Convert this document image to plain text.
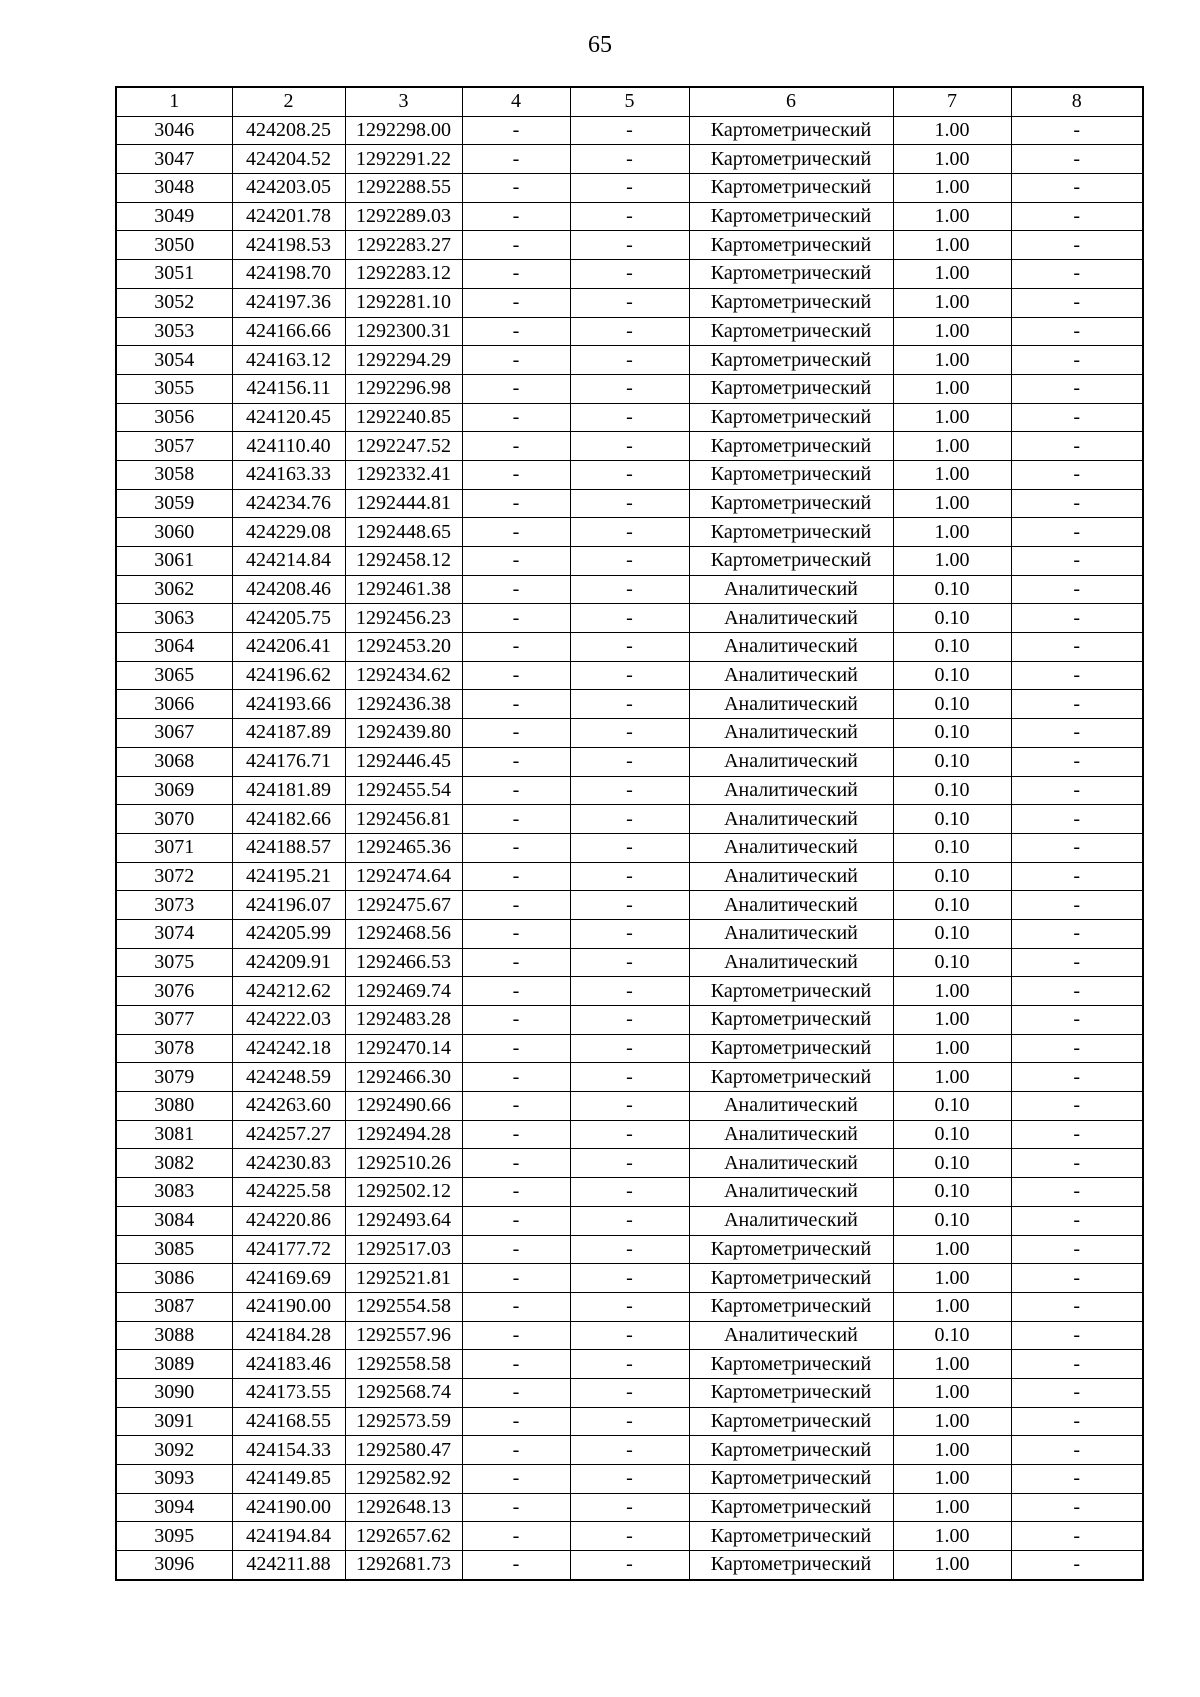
65
1	2	3	4	5	6	7	8
3046	424208.25	1292298.00	-	-	Картометрический	1.00	-
3047	424204.52	1292291.22	-	-	Картометрический	1.00	-
3048	424203.05	1292288.55	-	-	Картометрический	1.00	-
3049	424201.78	1292289.03	-	-	Картометрический	1.00	-
3050	424198.53	1292283.27	-	-	Картометрический	1.00	-
3051	424198.70	1292283.12	-	-	Картометрический	1.00	-
3052	424197.36	1292281.10	-	-	Картометрический	1.00	-
3053	424166.66	1292300.31	-	-	Картометрический	1.00	-
3054	424163.12	1292294.29	-	-	Картометрический	1.00	-
3055	424156.11	1292296.98	-	-	Картометрический	1.00	-
3056	424120.45	1292240.85	-	-	Картометрический	1.00	-
3057	424110.40	1292247.52	-	-	Картометрический	1.00	-
3058	424163.33	1292332.41	-	-	Картометрический	1.00	-
3059	424234.76	1292444.81	-	-	Картометрический	1.00	-
3060	424229.08	1292448.65	-	-	Картометрический	1.00	-
3061	424214.84	1292458.12	-	-	Картометрический	1.00	-
3062	424208.46	1292461.38	-	-	Аналитический	0.10	-
3063	424205.75	1292456.23	-	-	Аналитический	0.10	-
3064	424206.41	1292453.20	-	-	Аналитический	0.10	-
3065	424196.62	1292434.62	-	-	Аналитический	0.10	-
3066	424193.66	1292436.38	-	-	Аналитический	0.10	-
3067	424187.89	1292439.80	-	-	Аналитический	0.10	-
3068	424176.71	1292446.45	-	-	Аналитический	0.10	-
3069	424181.89	1292455.54	-	-	Аналитический	0.10	-
3070	424182.66	1292456.81	-	-	Аналитический	0.10	-
3071	424188.57	1292465.36	-	-	Аналитический	0.10	-
3072	424195.21	1292474.64	-	-	Аналитический	0.10	-
3073	424196.07	1292475.67	-	-	Аналитический	0.10	-
3074	424205.99	1292468.56	-	-	Аналитический	0.10	-
3075	424209.91	1292466.53	-	-	Аналитический	0.10	-
3076	424212.62	1292469.74	-	-	Картометрический	1.00	-
3077	424222.03	1292483.28	-	-	Картометрический	1.00	-
3078	424242.18	1292470.14	-	-	Картометрический	1.00	-
3079	424248.59	1292466.30	-	-	Картометрический	1.00	-
3080	424263.60	1292490.66	-	-	Аналитический	0.10	-
3081	424257.27	1292494.28	-	-	Аналитический	0.10	-
3082	424230.83	1292510.26	-	-	Аналитический	0.10	-
3083	424225.58	1292502.12	-	-	Аналитический	0.10	-
3084	424220.86	1292493.64	-	-	Аналитический	0.10	-
3085	424177.72	1292517.03	-	-	Картометрический	1.00	-
3086	424169.69	1292521.81	-	-	Картометрический	1.00	-
3087	424190.00	1292554.58	-	-	Картометрический	1.00	-
3088	424184.28	1292557.96	-	-	Аналитический	0.10	-
3089	424183.46	1292558.58	-	-	Картометрический	1.00	-
3090	424173.55	1292568.74	-	-	Картометрический	1.00	-
3091	424168.55	1292573.59	-	-	Картометрический	1.00	-
3092	424154.33	1292580.47	-	-	Картометрический	1.00	-
3093	424149.85	1292582.92	-	-	Картометрический	1.00	-
3094	424190.00	1292648.13	-	-	Картометрический	1.00	-
3095	424194.84	1292657.62	-	-	Картометрический	1.00	-
3096	424211.88	1292681.73	-	-	Картометрический	1.00	-
